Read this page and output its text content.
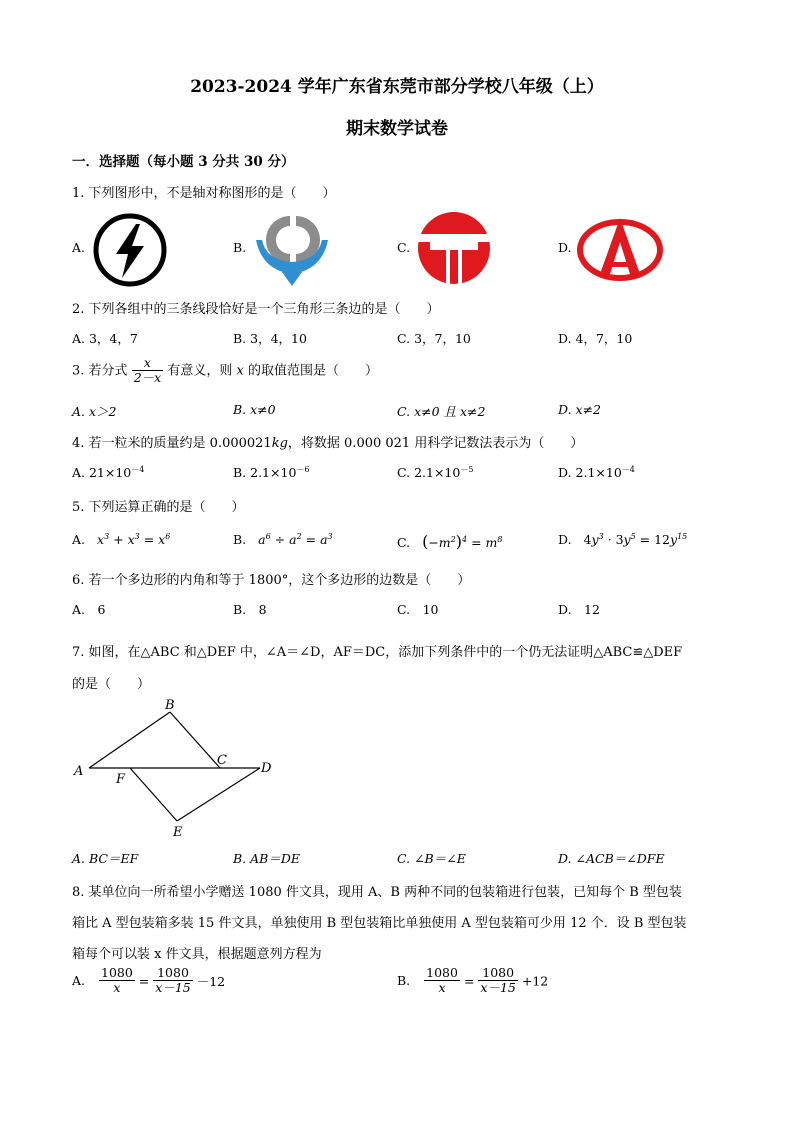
2023-2024 学年广东省东莞市部分学校八年级（上）
期末数学试卷
一．选择题（每小题 3 分共 30 分）
1. 下列图形中，不是轴对称图形的是（　　）
A.	B.	C.	D.
2. 下列各组中的三条线段恰好是一个三角形三条边的是（　　）
A. 3，4，7	B. 3，4，10	C. 3，7，10	D. 4，7，10
3. 若分式 $\frac{x}{2-x}$ 有意义，则 x 的取值范围是（　　）
A. x＞2	B. x≠0	C. x≠0 且 x≠2	D. x≠2
4. 若一粒米的质量约是 0.000021kg，将数据 0.000 021 用科学记数法表示为（　　）
A. $21\times 10^{-4}$	B. $2.1\times 10^{-6}$	C. $2.1\times 10^{-5}$	D. $2.1\times 10^{-4}$
5. 下列运算正确的是（　　）
A. $x^3 + x^3 = x^6$	B. $a^6 \div a^2 = a^3$	C. $(-m^2)^4 = m^8$	D. $4y^3 \cdot 3y^5 = 12y^{15}$
6. 若一个多边形的内角和等于 1800°，这个多边形的边数是（　　）
A.　6	B.　8	C.　10	D.　12
7. 如图，在△ABC 和△DEF 中，∠A＝∠D，AF＝DC，添加下列条件中的一个仍无法证明△ABC≌△DEF
的是（　　）
A
B
C
D
E
F
A. BC＝EF	B. AB＝DE	C. ∠B＝∠E	D. ∠ACB＝∠DFE
8. 某单位向一所希望小学赠送 1080 件文具，现用 A、B 两种不同的包装箱进行包装，已知每个 B 型包装
箱比 A 型包装箱多装 15 件文具，单独使用 B 型包装箱比单独使用 A 型包装箱可少用 12 个．设 B 型包装
箱每个可以装 x 件文具，根据题意列方程为
A. $\frac{1080}{x} = \frac{1080}{x-15} -12$	B. $\frac{1080}{x} = \frac{1080}{x-15} +12$
